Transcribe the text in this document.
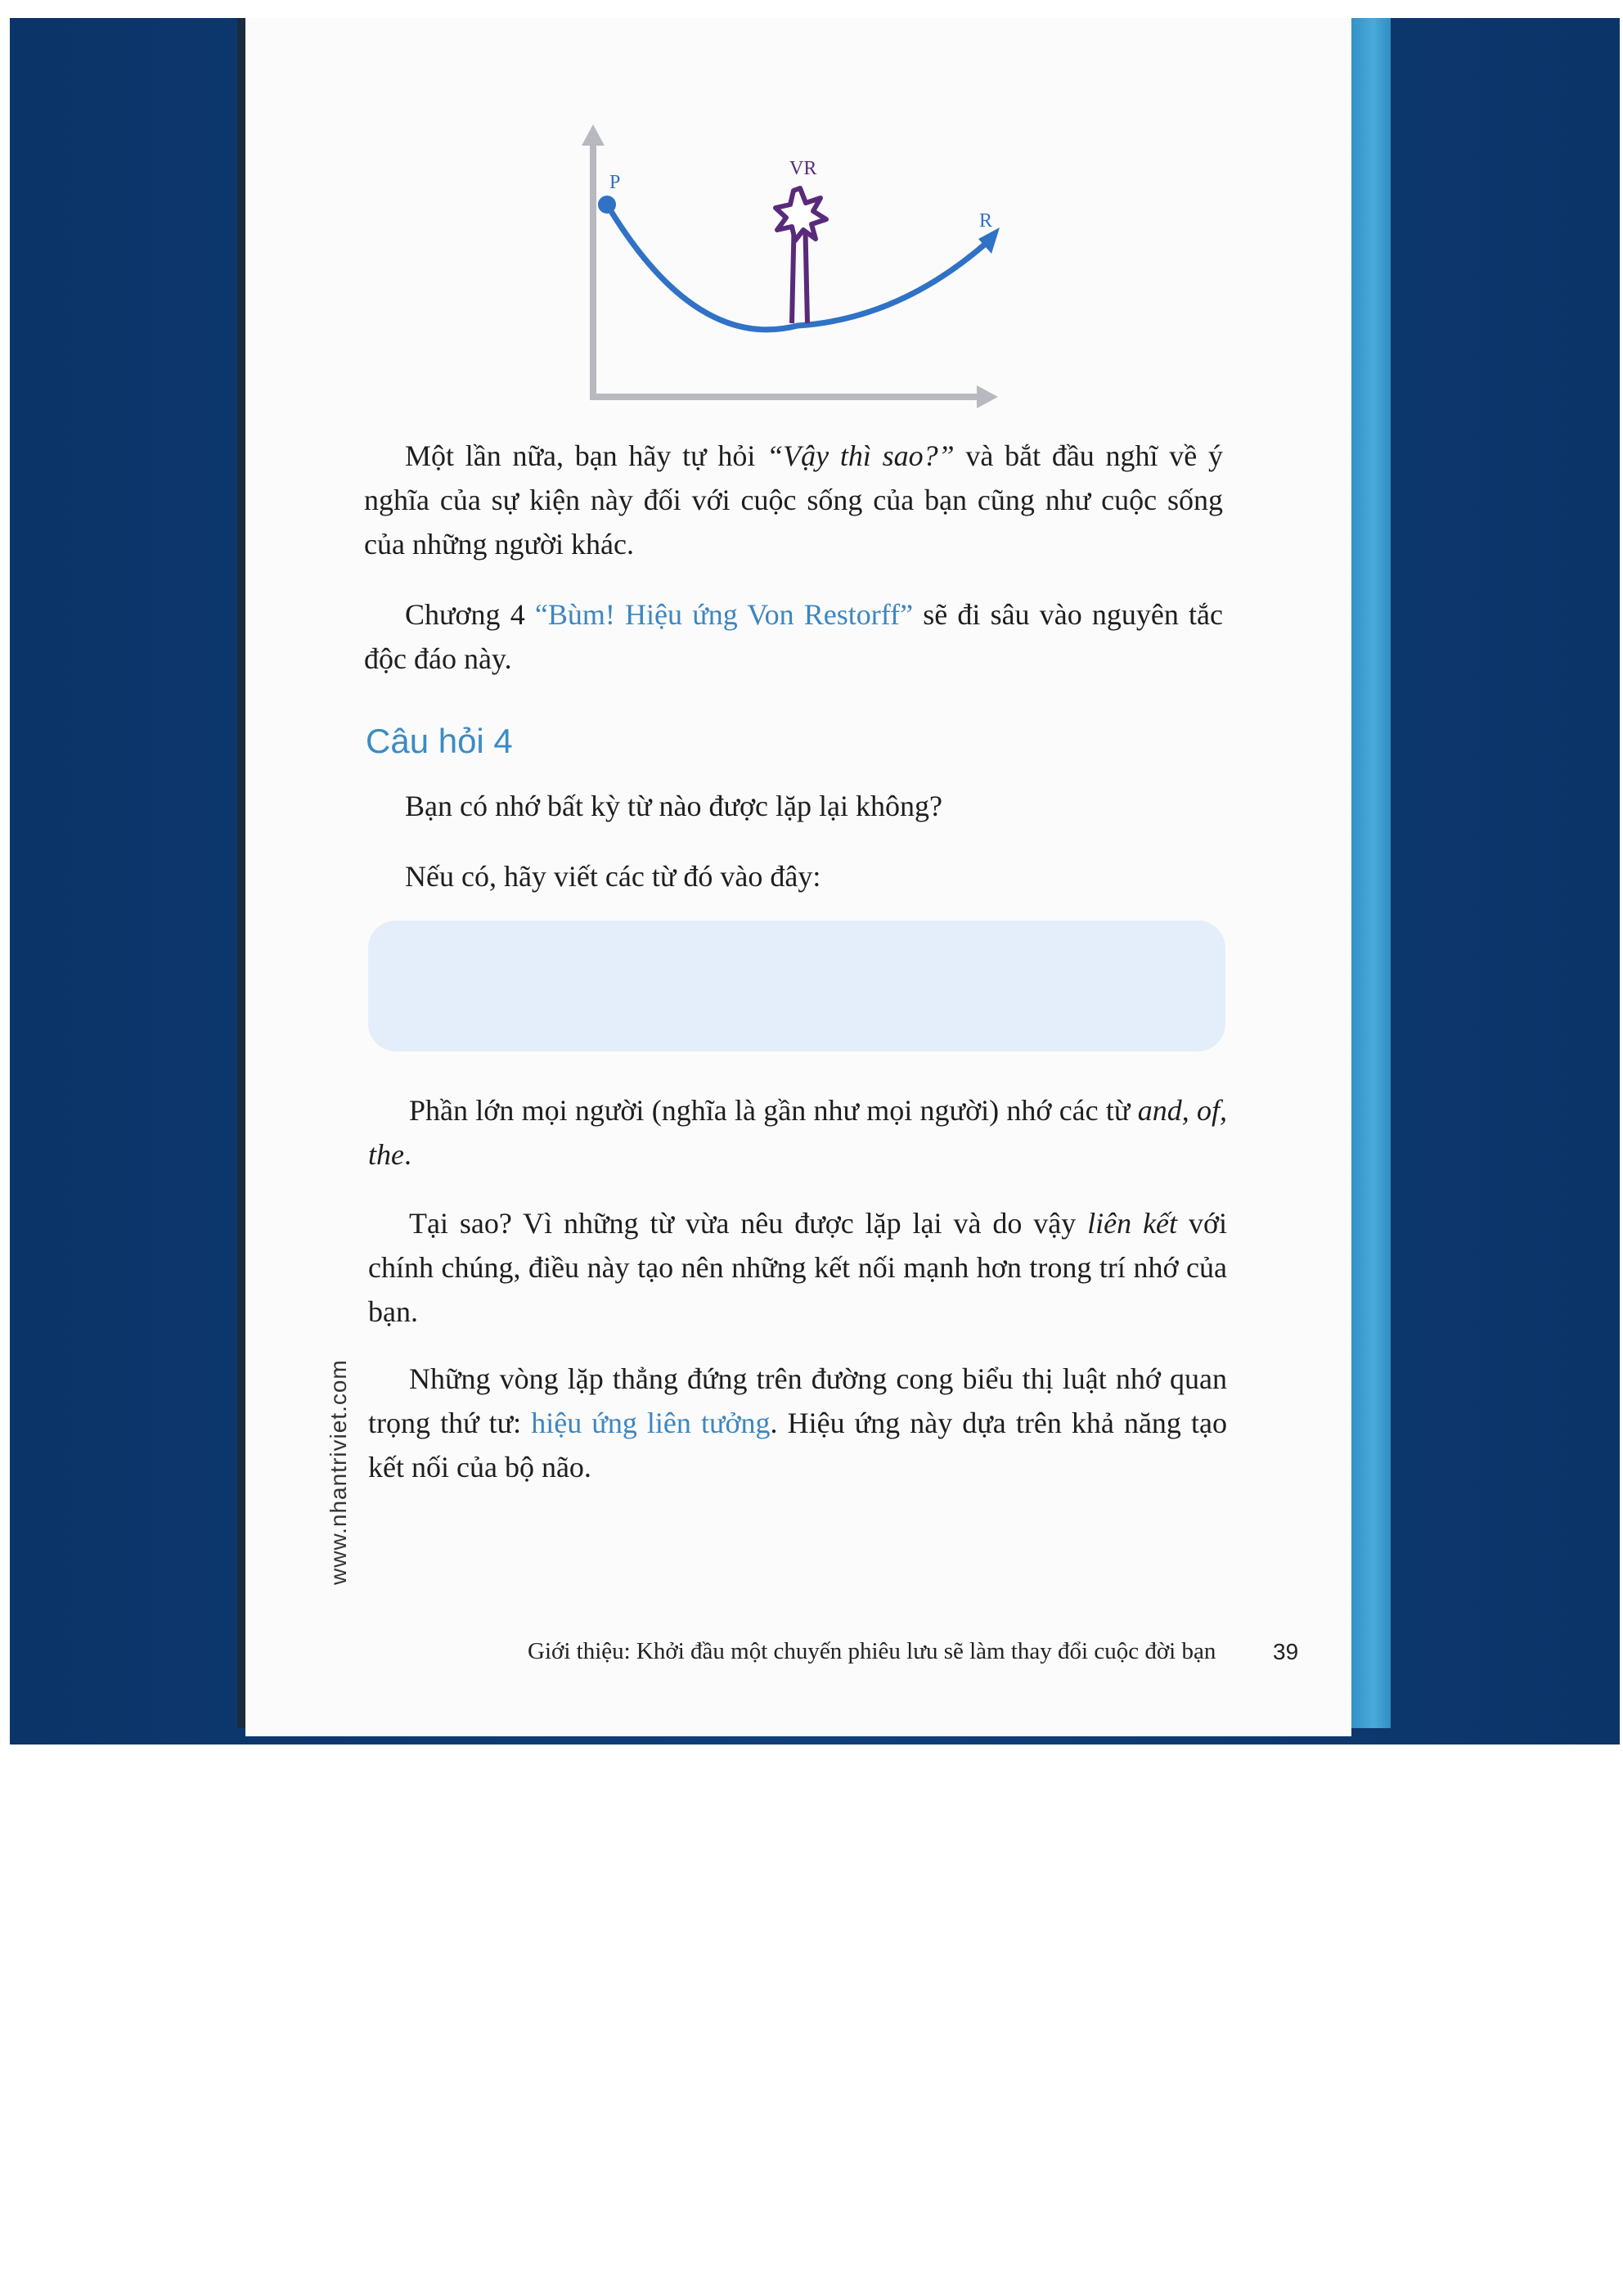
P
VR
R

Một lần nữa, bạn hãy tự hỏi “Vậy thì sao?” và bắt đầu nghĩ về ý nghĩa của sự kiện này đối với cuộc sống của bạn cũng như cuộc sống của những người khác.

Chương 4 “Bùm! Hiệu ứng Von Restorff” sẽ đi sâu vào nguyên tắc độc đáo này.

Câu hỏi 4

Bạn có nhớ bất kỳ từ nào được lặp lại không?

Nếu có, hãy viết các từ đó vào đây:

Phần lớn mọi người (nghĩa là gần như mọi người) nhớ các từ and, of, the.

Tại sao? Vì những từ vừa nêu được lặp lại và do vậy liên kết với chính chúng, điều này tạo nên những kết nối mạnh hơn trong trí nhớ của bạn.

Những vòng lặp thẳng đứng trên đường cong biểu thị luật nhớ quan trọng thứ tư: hiệu ứng liên tưởng. Hiệu ứng này dựa trên khả năng tạo kết nối của bộ não.

www.nhantriviet.com
Giới thiệu: Khởi đầu một chuyến phiêu lưu sẽ làm thay đổi cuộc đời bạn 39
